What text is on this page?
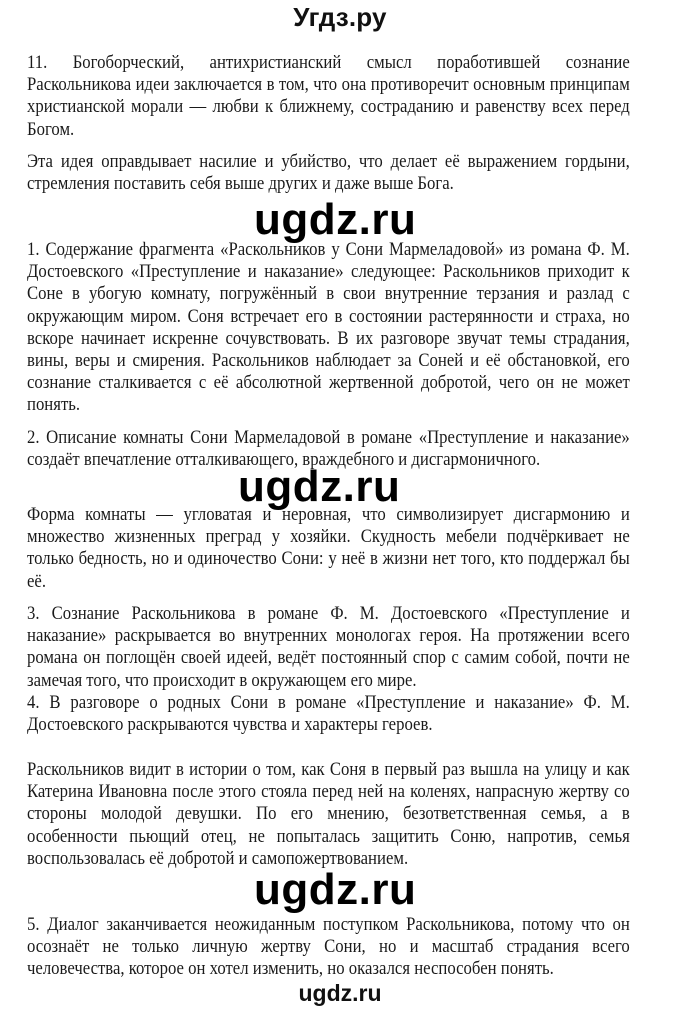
Угдз.ру
11. Богоборческий, антихристианский смысл поработившей сознание Раскольникова идеи заключается в том, что она противоречит основным принципам христианской морали — любви к ближнему, состраданию и равенству всех перед Богом.
Эта идея оправдывает насилие и убийство, что делает её выражением гордыни, стремления поставить себя выше других и даже выше Бога.
ugdz.ru
1. Содержание фрагмента «Раскольников у Сони Мармеладовой» из романа Ф. М. Достоевского «Преступление и наказание» следующее: Раскольников приходит к Соне в убогую комнату, погружённый в свои внутренние терзания и разлад с окружающим миром. Соня встречает его в состоянии растерянности и страха, но вскоре начинает искренне сочувствовать. В их разговоре звучат темы страдания, вины, веры и смирения. Раскольников наблюдает за Соней и её обстановкой, его сознание сталкивается с её абсолютной жертвенной добротой, чего он не может понять.
2. Описание комнаты Сони Мармеладовой в романе «Преступление и наказание» создаёт впечатление отталкивающего, враждебного и дисгармоничного.
ugdz.ru
Форма комнаты — угловатая и неровная, что символизирует дисгармонию и множество жизненных преград у хозяйки. Скудность мебели подчёркивает не только бедность, но и одиночество Сони: у неё в жизни нет того, кто поддержал бы её.
3. Сознание Раскольникова в романе Ф. М. Достоевского «Преступление и наказание» раскрывается во внутренних монологах героя. На протяжении всего романа он поглощён своей идеей, ведёт постоянный спор с самим собой, почти не замечая того, что происходит в окружающем его мире.
4. В разговоре о родных Сони в романе «Преступление и наказание» Ф. М. Достоевского раскрываются чувства и характеры героев.
Раскольников видит в истории о том, как Соня в первый раз вышла на улицу и как Катерина Ивановна после этого стояла перед ней на коленях, напрасную жертву со стороны молодой девушки. По его мнению, безответственная семья, а в особенности пьющий отец, не попыталась защитить Соню, напротив, семья воспользовалась её добротой и самопожертвованием.
ugdz.ru
5. Диалог заканчивается неожиданным поступком Раскольникова, потому что он осознаёт не только личную жертву Сони, но и масштаб страдания всего человечества, которое он хотел изменить, но оказался неспособен понять.
ugdz.ru
